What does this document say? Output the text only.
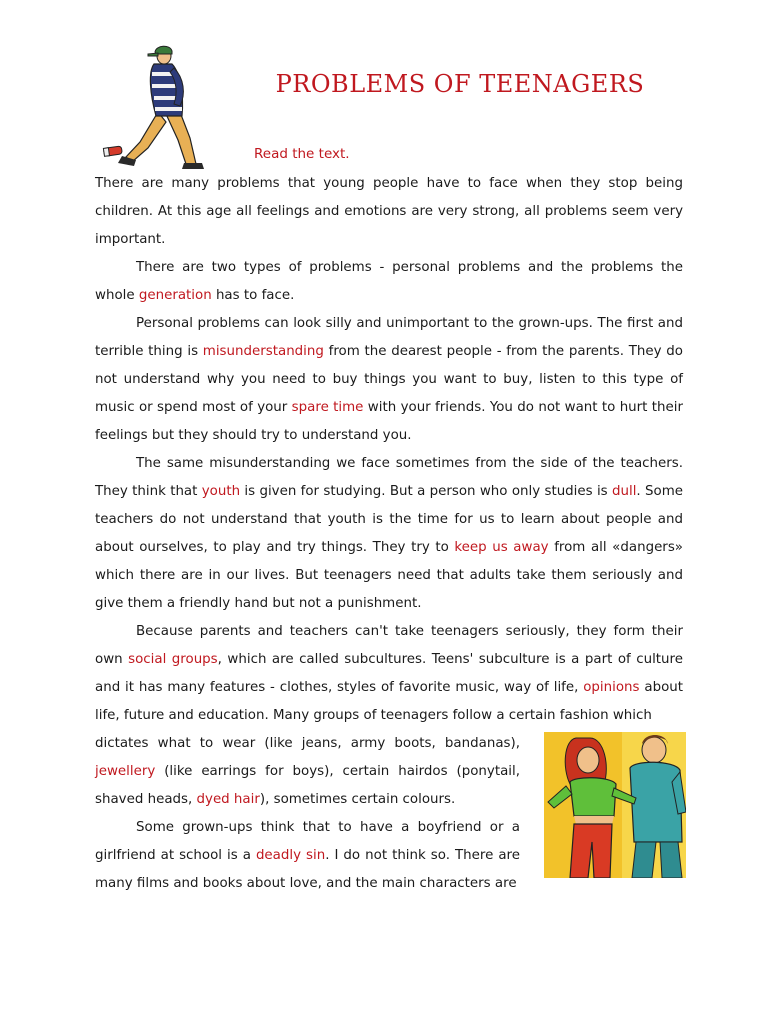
PROBLEMS OF TEENAGERS
Read the text.

There are many problems that young people have to face when they stop being children. At this age all feelings and emotions are very strong, all problems seem very important.

There are two types of problems - personal problems and the problems the whole generation has to face.

Personal problems can look silly and unimportant to the grown-ups. The first and terrible thing is misunderstanding from the dearest people - from the parents. They do not understand why you need to buy things you want to buy, listen to this type of music or spend most of your spare time with your friends. You do not want to hurt their feelings but they should try to understand you.

The same misunderstanding we face sometimes from the side of the teachers. They think that youth is given for studying. But a person who only studies is dull. Some teachers do not understand that youth is the time for us to learn about people and about ourselves, to play and try things. They try to keep us away from all «dangers» which there are in our lives. But teenagers need that adults take them seriously and give them a friendly hand but not a punishment.

Because parents and teachers can't take teenagers seriously, they form their own social groups, which are called subcultures. Teens' subculture is a part of culture and it has many features - clothes, styles of favorite music, way of life, opinions about life, future and education. Many groups of teenagers follow a certain fashion which

dictates what to wear (like jeans, army boots, bandanas), jewellery (like earrings for boys), certain hairdos (ponytail, shaved heads, dyed hair), sometimes certain colours.

Some grown-ups think that to have a boyfriend or a girlfriend at school is a deadly sin. I do not think so. There are many films and books about love, and the main characters are
